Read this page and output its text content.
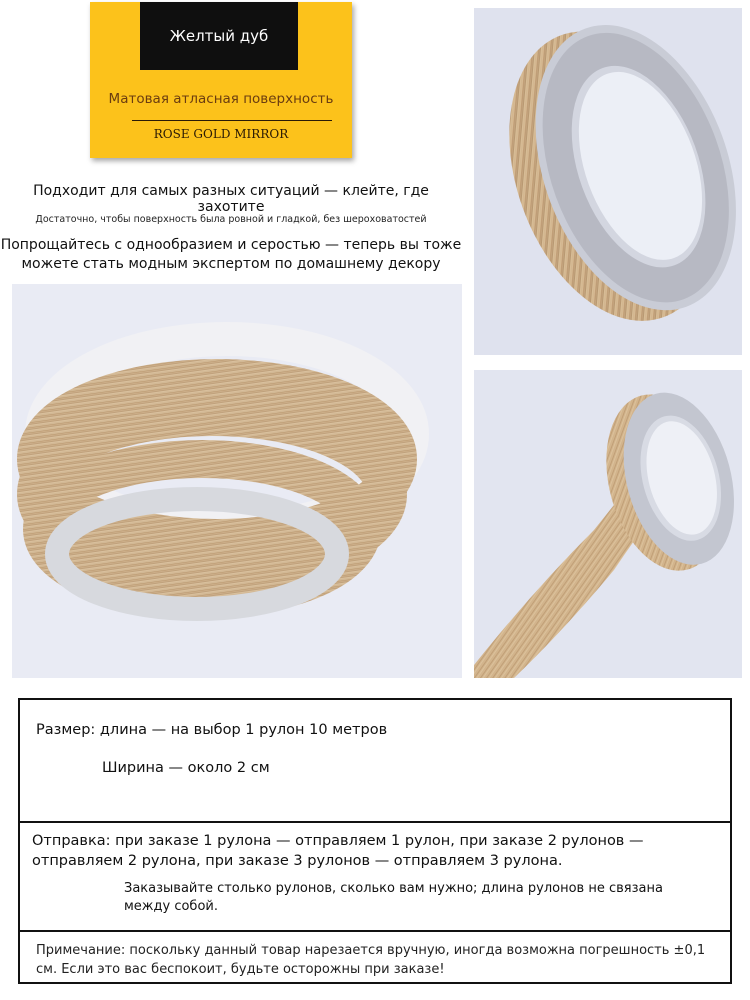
Желтый дуб
Матовая атласная поверхность
ROSE GOLD MIRROR
Подходит для самых разных ситуаций — клейте, где захотите
Достаточно, чтобы поверхность была ровной и гладкой, без шероховатостей
Попрощайтесь с однообразием и серостью — теперь вы тоже
можете стать модным экспертом по домашнему декору
Размер: длина — на выбор 1 рулон 10 метров
Ширина — около 2 см
Отправка: при заказе 1 рулона — отправляем 1 рулон, при заказе 2 рулонов — отправляем 2 рулона, при заказе 3 рулонов — отправляем 3 рулона.
Заказывайте столько рулонов, сколько вам нужно; длина рулонов не связана между собой.
Примечание: поскольку данный товар нарезается вручную, иногда возможна погрешность ±0,1 см. Если это вас беспокоит, будьте осторожны при заказе!
